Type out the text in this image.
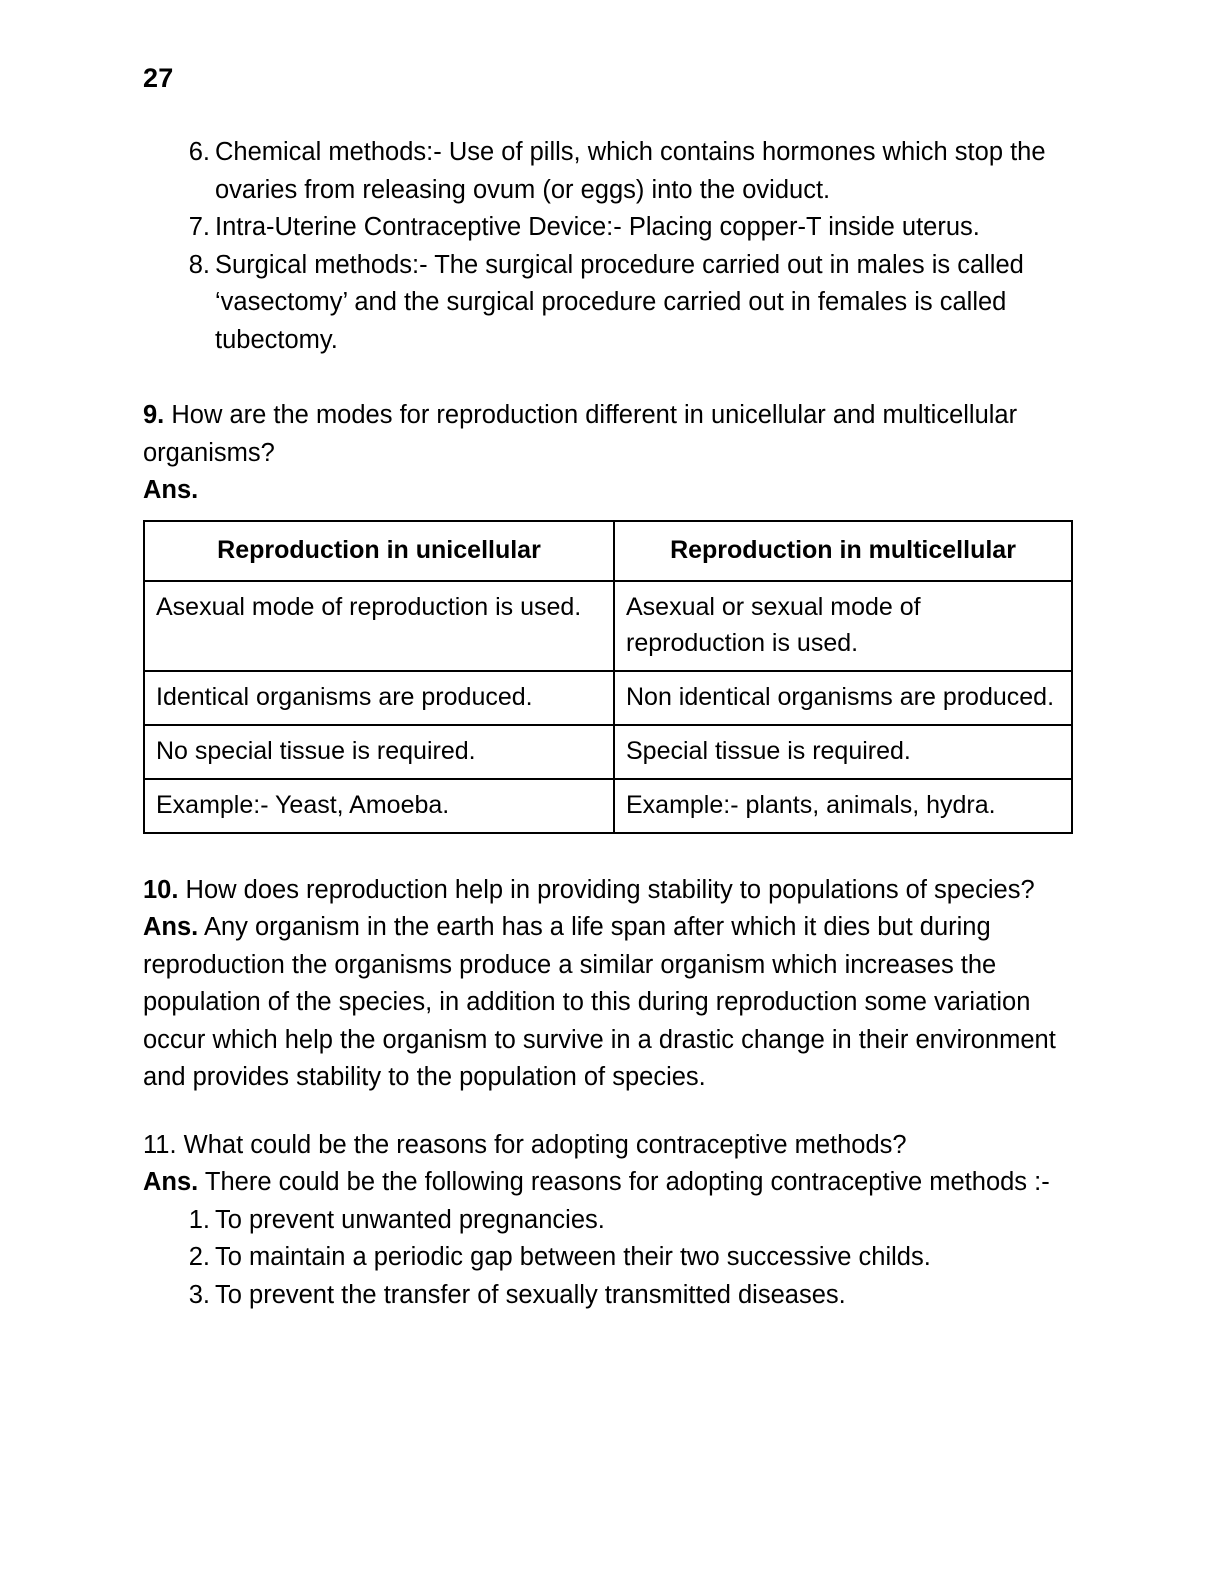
27
6. Chemical methods:- Use of pills, which contains hormones which stop the ovaries from releasing ovum (or eggs) into the oviduct.
7. Intra-Uterine Contraceptive Device:- Placing copper-T inside uterus.
8. Surgical methods:- The surgical procedure carried out in males is called ‘vasectomy’ and the surgical procedure carried out in females is called tubectomy.

9. How are the modes for reproduction different in unicellular and multicellular organisms?

Ans.

Reproduction in unicellular	Reproduction in multicellular
Asexual mode of reproduction is used.	Asexual or sexual mode of reproduction is used.
Identical organisms are produced.	Non identical organisms are produced.
No special tissue is required.	Special tissue is required.
Example:- Yeast, Amoeba.	Example:- plants, animals, hydra.

10. How does reproduction help in providing stability to populations of species?

Ans. Any organism in the earth has a life span after which it dies but during reproduction the organisms produce a similar organism which increases the population of the species, in addition to this during reproduction some variation occur which help the organism to survive in a drastic change in their environment and provides stability to the population of species.

11. What could be the reasons for adopting contraceptive methods?

Ans. There could be the following reasons for adopting contraceptive methods :-

1. To prevent unwanted pregnancies.
2. To maintain a periodic gap between their two successive childs.
3. To prevent the transfer of sexually transmitted diseases.
